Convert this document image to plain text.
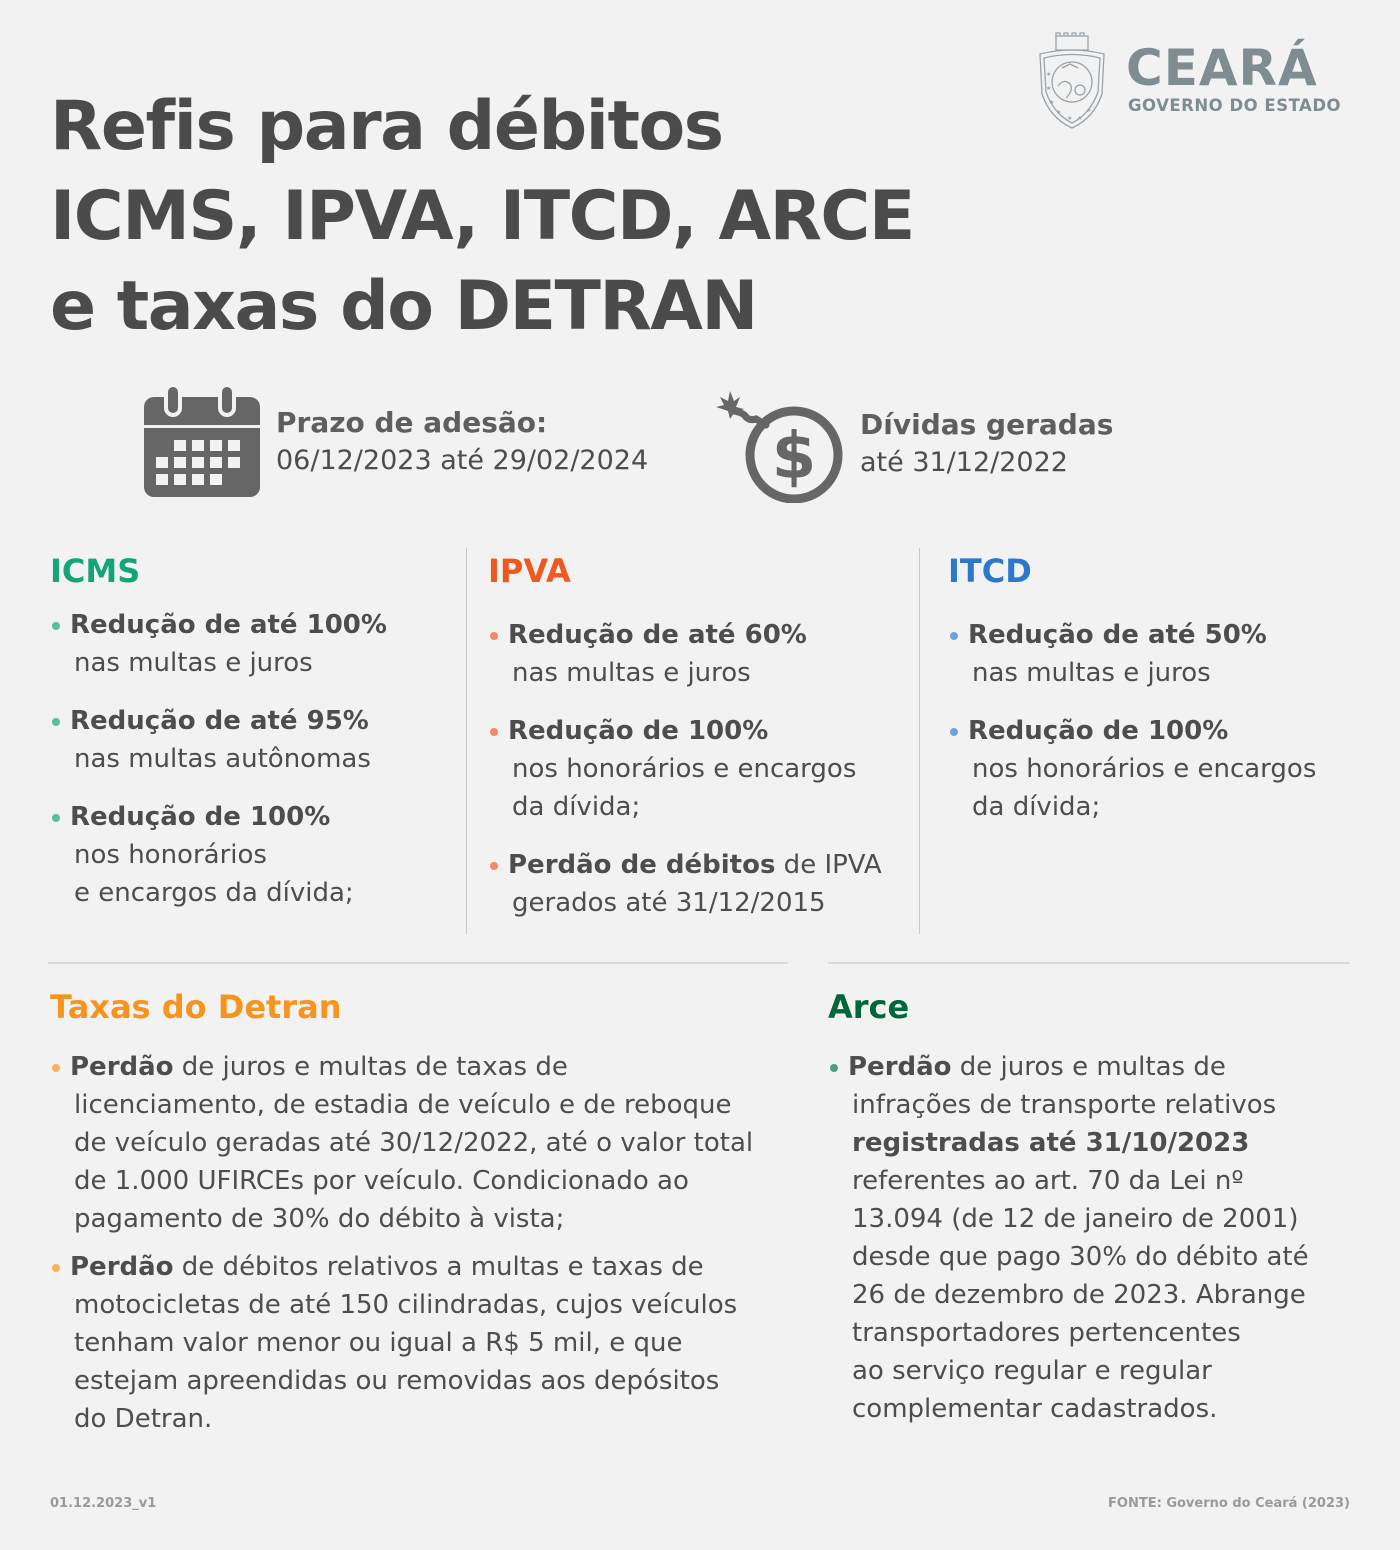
Refis para débitos
ICMS, IPVA, ITCD, ARCE
e taxas do DETRAN
★
★
★
★
★ ★
★
CEARÁ
GOVERNO DO ESTADO
Prazo de adesão:
06/12/2023 até 29/02/2024 $ Dívidas geradas
até 31/12/2022
ICMS
Redução de até 100%
nas multas e juros
Redução de até 95%
nas multas autônomas
Redução de 100%
nos honorários
e encargos da dívida;
IPVA
Redução de até 60%
nas multas e juros
Redução de 100%
nos honorários e encargos
da dívida;
Perdão de débitos de IPVA
gerados até 31/12/2015
ITCD
Redução de até 50%
nas multas e juros
Redução de 100%
nos honorários e encargos
da dívida;
Taxas do Detran
Perdão de juros e multas de taxas de
licenciamento, de estadia de veículo e de reboque
de veículo geradas até 30/12/2022, até o valor total
de 1.000 UFIRCEs por veículo. Condicionado ao
pagamento de 30% do débito à vista;
Perdão de débitos relativos a multas e taxas de
motocicletas de até 150 cilindradas, cujos veículos
tenham valor menor ou igual a R$ 5 mil, e que
estejam apreendidas ou removidas aos depósitos
do Detran.
Arce
Perdão de juros e multas de
infrações de transporte relativos
registradas até 31/10/2023
referentes ao art. 70 da Lei nº
13.094 (de 12 de janeiro de 2001)
desde que pago 30% do débito até
26 de dezembro de 2023. Abrange
transportadores pertencentes
ao serviço regular e regular
complementar cadastrados.
01.12.2023_v1	FONTE: Governo do Ceará (2023)
